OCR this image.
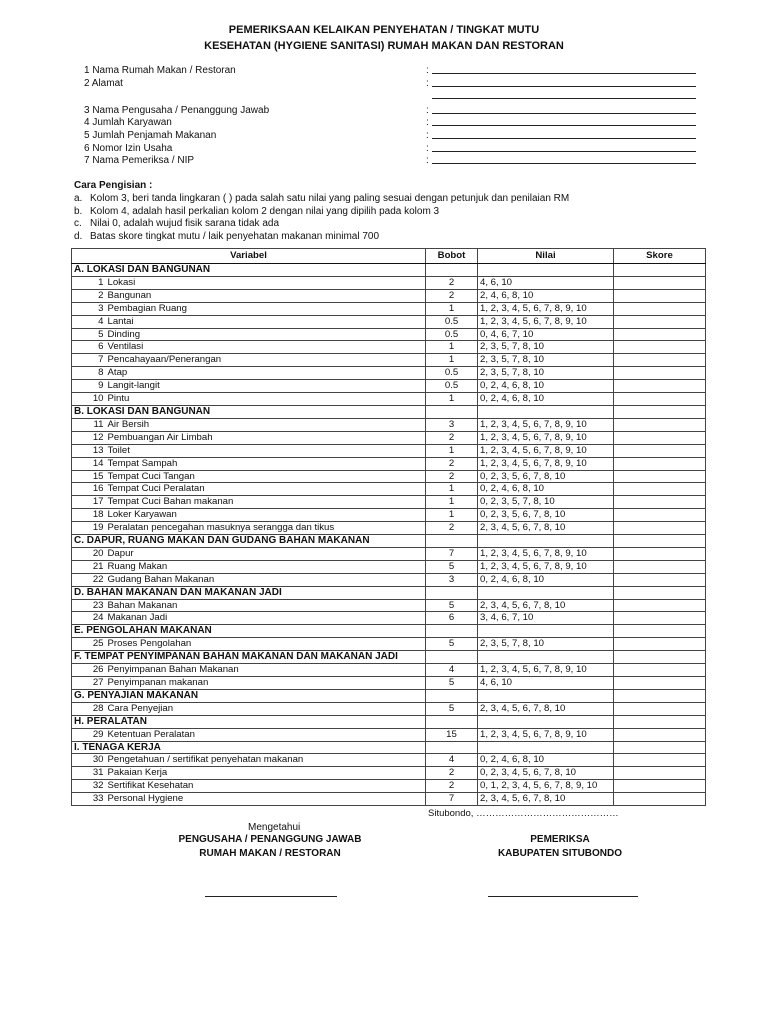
PEMERIKSAAN KELAIKAN PENYEHATAN / TINGKAT MUTU
KESEHATAN (HYGIENE SANITASI) RUMAH MAKAN DAN RESTORAN
1 Nama Rumah Makan / Restoran	:
2 Alamat	:
3 Nama Pengusaha / Penanggung Jawab	:
4 Jumlah Karyawan	:
5 Jumlah Penjamah Makanan	:
6 Nomor Izin Usaha	:
7 Nama Pemeriksa / NIP	:
Cara Pengisian :
a. Kolom 3, beri tanda lingkaran ( ) pada salah satu nilai yang paling sesuai dengan petunjuk dan penilaian RM
b. Kolom 4, adalah hasil perkalian kolom 2 dengan nilai yang dipilih pada kolom 3
c. Nilai 0, adalah wujud fisik sarana tidak ada
d. Batas skore tingkat mutu / laik penyehatan makanan minimal 700
Variabel		Bobot	Nilai	Skore
A. LOKASI DAN BANGUNAN				
1	Lokasi	2	4, 6, 10	
2	Bangunan	2	2, 4, 6, 8, 10	
3	Pembagian Ruang	1	1, 2, 3, 4, 5, 6, 7, 8, 9, 10	
4	Lantai	0.5	1, 2, 3, 4, 5, 6, 7, 8, 9, 10	
5	Dinding	0.5	0, 4, 6, 7, 10	
6	Ventilasi	1	2, 3, 5, 7, 8, 10	
7	Pencahayaan/Penerangan	1	2, 3, 5, 7, 8, 10	
8	Atap	0.5	2, 3, 5, 7, 8, 10	
9	Langit-langit	0.5	0, 2, 4, 6, 8, 10	
10	Pintu	1	0, 2, 4, 6, 8, 10	
B. LOKASI DAN BANGUNAN				
11	Air Bersih	3	1, 2, 3, 4, 5, 6, 7, 8, 9, 10	
12	Pembuangan Air Limbah	2	1, 2, 3, 4, 5, 6, 7, 8, 9, 10	
13	Toilet	1	1, 2, 3, 4, 5, 6, 7, 8, 9, 10	
14	Tempat Sampah	2	1, 2, 3, 4, 5, 6, 7, 8, 9, 10	
15	Tempat Cuci Tangan	2	0, 2, 3, 5, 6, 7, 8, 10	
16	Tempat Cuci Peralatan	1	0, 2, 4, 6, 8, 10	
17	Tempat Cuci Bahan makanan	1	0, 2, 3, 5, 7, 8, 10	
18	Loker Karyawan	1	0, 2, 3, 5, 6, 7, 8, 10	
19	Peralatan pencegahan masuknya serangga dan tikus	2	2, 3, 4, 5, 6, 7, 8, 10	
C. DAPUR, RUANG MAKAN DAN GUDANG BAHAN MAKANAN				
20	Dapur	7	1, 2, 3, 4, 5, 6, 7, 8, 9, 10	
21	Ruang Makan	5	1, 2, 3, 4, 5, 6, 7, 8, 9, 10	
22	Gudang Bahan Makanan	3	0, 2, 4, 6, 8, 10	
D. BAHAN MAKANAN DAN MAKANAN JADI				
23	Bahan Makanan	5	2, 3, 4, 5, 6, 7, 8, 10	
24	Makanan Jadi	6	3, 4, 6, 7, 10	
E. PENGOLAHAN MAKANAN				
25	Proses Pengolahan	5	2, 3, 5, 7, 8, 10	
F. TEMPAT PENYIMPANAN BAHAN MAKANAN DAN MAKANAN JADI				
26	Penyimpanan Bahan Makanan	4	1, 2, 3, 4, 5, 6, 7, 8, 9, 10	
27	Penyimpanan makanan	5	4, 6, 10	
G. PENYAJIAN MAKANAN				
28	Cara Penyejian	5	2, 3, 4, 5, 6, 7, 8, 10	
H. PERALATAN				
29	Ketentuan Peralatan	15	1, 2, 3, 4, 5, 6, 7, 8, 9, 10	
I. TENAGA KERJA				
30	Pengetahuan / sertifikat penyehatan makanan	4	0, 2, 4, 6, 8, 10	
31	Pakaian Kerja	2	0, 2, 3, 4, 5, 6, 7, 8, 10	
32	Sertifikat Kesehatan	2	0, 1, 2, 3, 4, 5, 6, 7, 8, 9, 10	
33	Personal Hygiene	7	2, 3, 4, 5, 6, 7, 8, 10	
Situbondo, ………………………………………
Mengetahui
PENGUSAHA / PENANGGUNG JAWAB
RUMAH MAKAN / RESTORAN
PEMERIKSA
KABUPATEN SITUBONDO
